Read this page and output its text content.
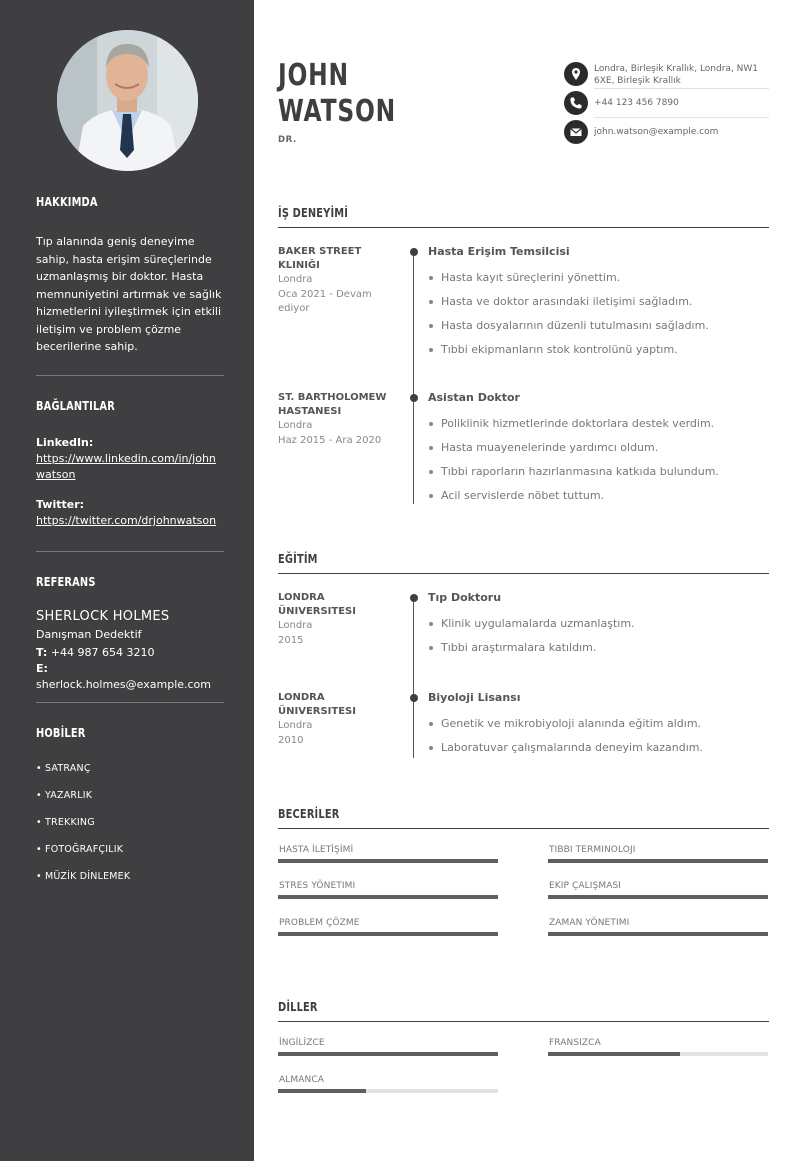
HAKKIMDA
Tıp alanında geniş deneyime sahip, hasta erişim süreçlerinde uzmanlaşmış bir doktor. Hasta memnuniyetini artırmak ve sağlık hizmetlerini iyileştirmek için etkili iletişim ve problem çözme becerilerine sahip.
BAĞLANTILAR
LinkedIn:
https://www.linkedin.com/in/johnwatson
Twitter:
https://twitter.com/drjohnwatson
REFERANS
SHERLOCK HOLMES
Danışman Dedektif
T: +44 987 654 3210
E: sherlock.holmes@example.com
HOBİLER
• SATRANÇ
• YAZARLIK
• TREKKING
• FOTOĞRAFÇILIK
• MÜZİK DİNLEMEK
JOHN
WATSON
DR.
Londra, Birleşik Krallık, Londra, NW1 6XE, Birleşik Krallık
+44 123 456 7890
john.watson@example.com
İŞ DENEYİMİ
BAKER STREET KLINIĞI
Londra
Oca 2021 - Devam ediyor
Hasta Erişim Temsilcisi
Hasta kayıt süreçlerini yönettim.
Hasta ve doktor arasındaki iletişimi sağladım.
Hasta dosyalarının düzenli tutulmasını sağladım.
Tıbbi ekipmanların stok kontrolünü yaptım.
ST. BARTHOLOMEW HASTANESI
Londra
Haz 2015 - Ara 2020
Asistan Doktor
Poliklinik hizmetlerinde doktorlara destek verdim.
Hasta muayenelerinde yardımcı oldum.
Tıbbi raporların hazırlanmasına katkıda bulundum.
Acil servislerde nöbet tuttum.
EĞİTİM
LONDRA ÜNIVERSITESI
Londra
2015
Tıp Doktoru
Klinik uygulamalarda uzmanlaştım.
Tıbbi araştırmalara katıldım.
LONDRA ÜNIVERSITESI
Londra
2010
Biyoloji Lisansı
Genetik ve mikrobiyoloji alanında eğitim aldım.
Laboratuvar çalışmalarında deneyim kazandım.
BECERİLER
HASTA İLETİŞİMİ	TIBBI TERMINOLOJI
STRES YÖNETIMI	EKIP ÇALIŞMASI
PROBLEM ÇÖZME	ZAMAN YÖNETIMI
DİLLER
İNGİLİZCE	FRANSIZCA
ALMANCA
